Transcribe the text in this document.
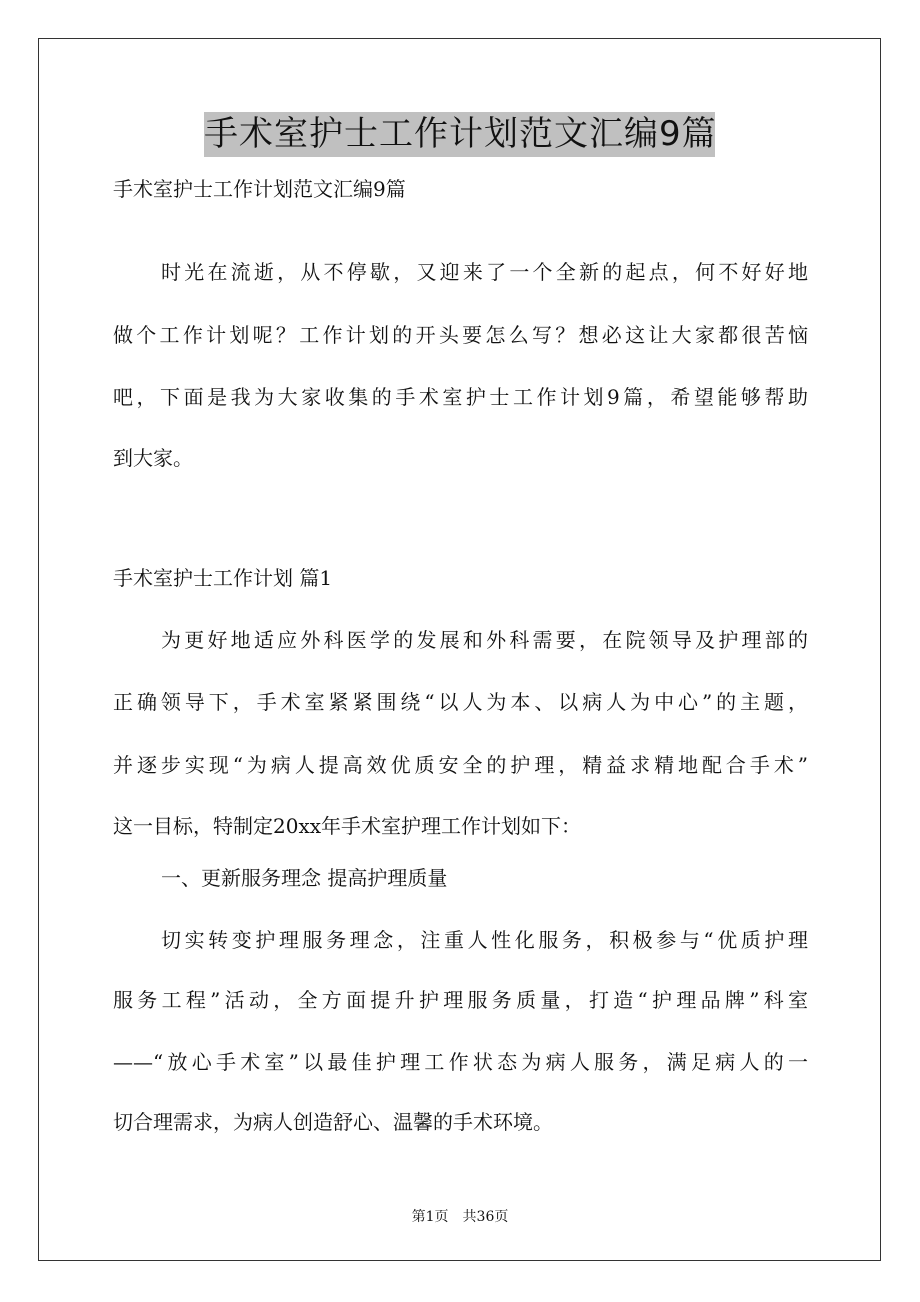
手术室护士工作计划范文汇编9篇
手术室护士工作计划范文汇编9篇
时光在流逝，从不停歇，又迎来了一个全新的起点，何不好好地
做个工作计划呢？工作计划的开头要怎么写？想必这让大家都很苦恼
吧，下面是我为大家收集的手术室护士工作计划9篇，希望能够帮助
到大家。
手术室护士工作计划 篇1
为更好地适应外科医学的发展和外科需要，在院领导及护理部的
正确领导下，手术室紧紧围绕“以人为本、以病人为中心”的主题，
并逐步实现“为病人提高效优质安全的护理，精益求精地配合手术”
这一目标，特制定20xx年手术室护理工作计划如下：
一、更新服务理念 提高护理质量
切实转变护理服务理念，注重人性化服务，积极参与“优质护理
服务工程”活动，全方面提升护理服务质量，打造“护理品牌”科室
——“放心手术室”以最佳护理工作状态为病人服务，满足病人的一
切合理需求，为病人创造舒心、温馨的手术环境。
第1页　共36页
